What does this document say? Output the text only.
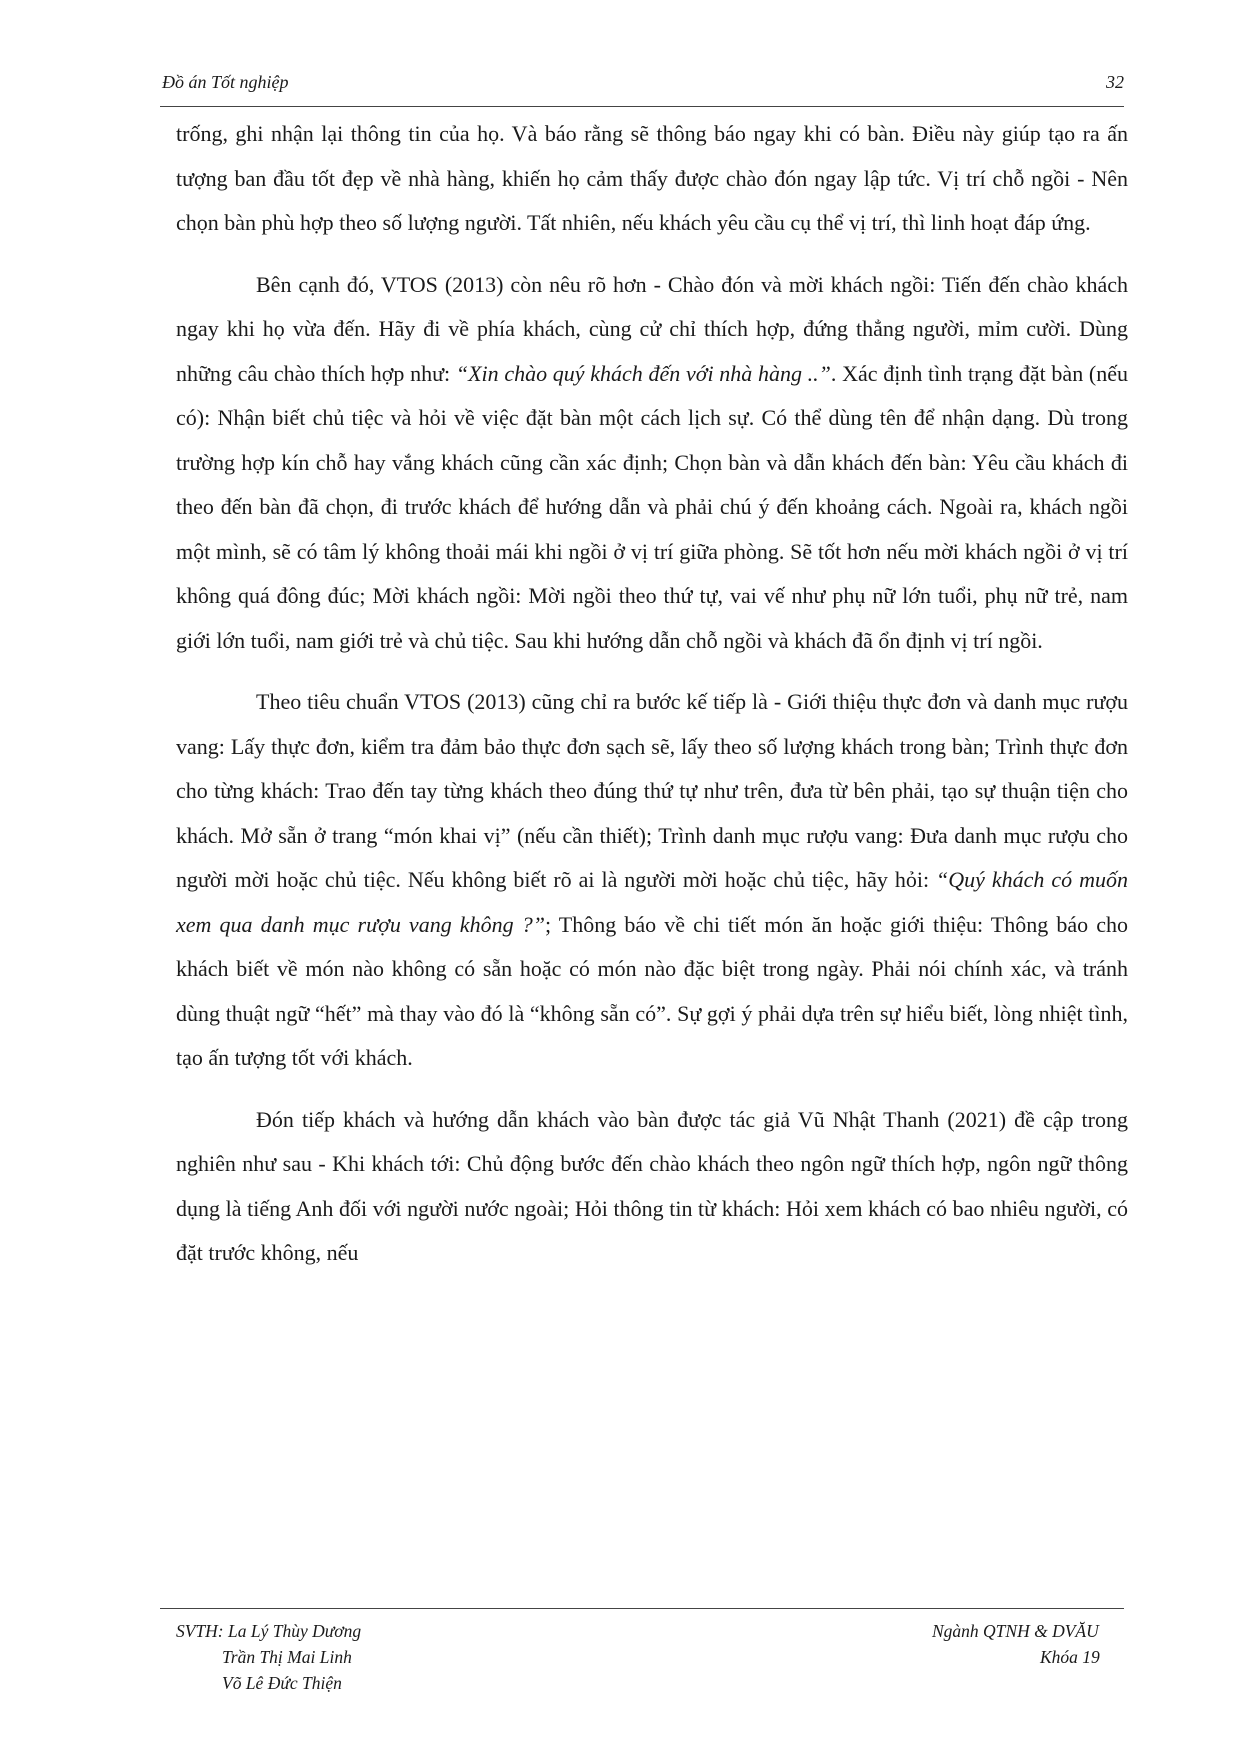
Đồ án Tốt nghiệp	32

trống, ghi nhận lại thông tin của họ. Và báo rằng sẽ thông báo ngay khi có bàn. Điều này giúp tạo ra ấn tượng ban đầu tốt đẹp về nhà hàng, khiến họ cảm thấy được chào đón ngay lập tức. Vị trí chỗ ngồi - Nên chọn bàn phù hợp theo số lượng người. Tất nhiên, nếu khách yêu cầu cụ thể vị trí, thì linh hoạt đáp ứng.

Bên cạnh đó, VTOS (2013) còn nêu rõ hơn - Chào đón và mời khách ngồi: Tiến đến chào khách ngay khi họ vừa đến. Hãy đi về phía khách, cùng cử chỉ thích hợp, đứng thẳng người, mỉm cười. Dùng những câu chào thích hợp như: “Xin chào quý khách đến với nhà hàng ..”. Xác định tình trạng đặt bàn (nếu có): Nhận biết chủ tiệc và hỏi về việc đặt bàn một cách lịch sự. Có thể dùng tên để nhận dạng. Dù trong trường hợp kín chỗ hay vắng khách cũng cần xác định; Chọn bàn và dẫn khách đến bàn: Yêu cầu khách đi theo đến bàn đã chọn, đi trước khách để hướng dẫn và phải chú ý đến khoảng cách. Ngoài ra, khách ngồi một mình, sẽ có tâm lý không thoải mái khi ngồi ở vị trí giữa phòng. Sẽ tốt hơn nếu mời khách ngồi ở vị trí không quá đông đúc; Mời khách ngồi: Mời ngồi theo thứ tự, vai vế như phụ nữ lớn tuổi, phụ nữ trẻ, nam giới lớn tuổi, nam giới trẻ và chủ tiệc. Sau khi hướng dẫn chỗ ngồi và khách đã ổn định vị trí ngồi.

Theo tiêu chuẩn VTOS (2013) cũng chỉ ra bước kế tiếp là - Giới thiệu thực đơn và danh mục rượu vang: Lấy thực đơn, kiểm tra đảm bảo thực đơn sạch sẽ, lấy theo số lượng khách trong bàn; Trình thực đơn cho từng khách: Trao đến tay từng khách theo đúng thứ tự như trên, đưa từ bên phải, tạo sự thuận tiện cho khách. Mở sẵn ở trang “món khai vị” (nếu cần thiết); Trình danh mục rượu vang: Đưa danh mục rượu cho người mời hoặc chủ tiệc. Nếu không biết rõ ai là người mời hoặc chủ tiệc, hãy hỏi: “Quý khách có muốn xem qua danh mục rượu vang không ?”; Thông báo về chi tiết món ăn hoặc giới thiệu: Thông báo cho khách biết về món nào không có sẵn hoặc có món nào đặc biệt trong ngày. Phải nói chính xác, và tránh dùng thuật ngữ “hết” mà thay vào đó là “không sẵn có”. Sự gợi ý phải dựa trên sự hiểu biết, lòng nhiệt tình, tạo ấn tượng tốt với khách.

Đón tiếp khách và hướng dẫn khách vào bàn được tác giả Vũ Nhật Thanh (2021) đề cập trong nghiên như sau - Khi khách tới: Chủ động bước đến chào khách theo ngôn ngữ thích hợp, ngôn ngữ thông dụng là tiếng Anh đối với người nước ngoài; Hỏi thông tin từ khách: Hỏi xem khách có bao nhiêu người, có đặt trước không, nếu

SVTH: La Lý Thùy Dương
Trần Thị Mai Linh
Võ Lê Đức Thiện
Ngành QTNH & DVĂU
Khóa 19
